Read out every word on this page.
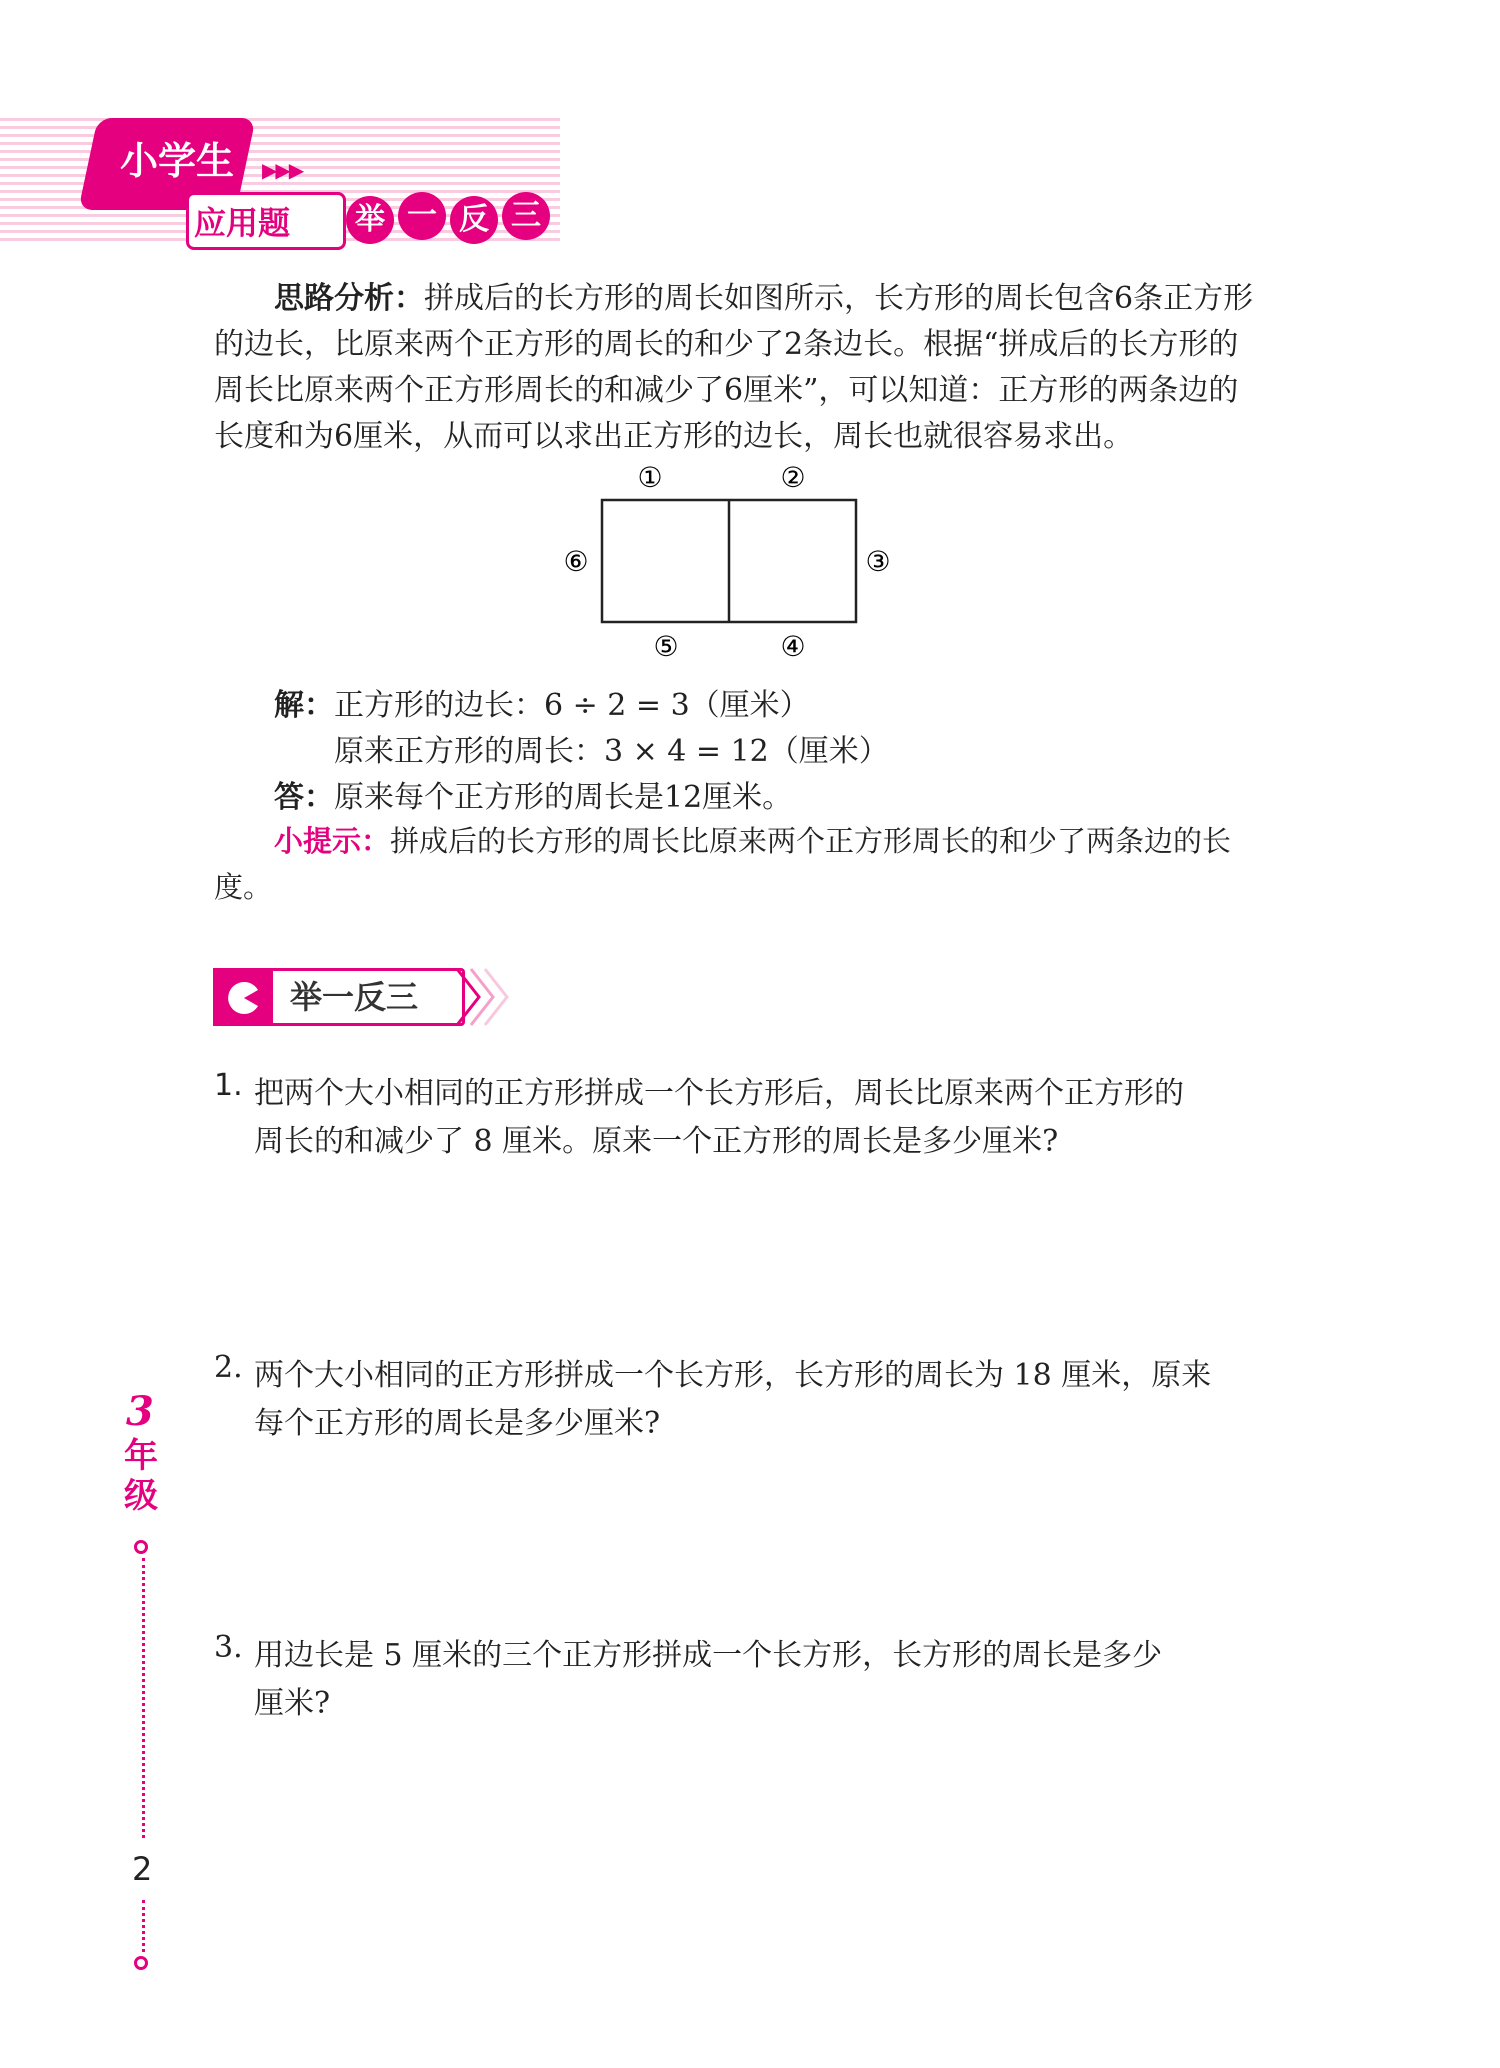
小学生	▶▶▶
应用题	举 一 反 三
思路分析：拼成后的长方形的周长如图所示，长方形的周长包含6条正方形的边长，比原来两个正方形的周长的和少了2条边长。根据“拼成后的长方形的周长比原来两个正方形周长的和减少了6厘米”，可以知道：正方形的两条边的长度和为6厘米，从而可以求出正方形的边长，周长也就很容易求出。
①	②
③
④
⑤
⑥
解：正方形的边长：6 ÷ 2 = 3（厘米）
原来正方形的周长：3 × 4 = 12（厘米）
答：原来每个正方形的周长是12厘米。
小提示：拼成后的长方形的周长比原来两个正方形周长的和少了两条边的长度。
举一反三
1. 把两个大小相同的正方形拼成一个长方形后，周长比原来两个正方形的
周长的和减少了 8 厘米。原来一个正方形的周长是多少厘米?
2. 两个大小相同的正方形拼成一个长方形，长方形的周长为 18 厘米，原来
每个正方形的周长是多少厘米?
3. 用边长是 5 厘米的三个正方形拼成一个长方形，长方形的周长是多少
厘米?
3
年级
2
